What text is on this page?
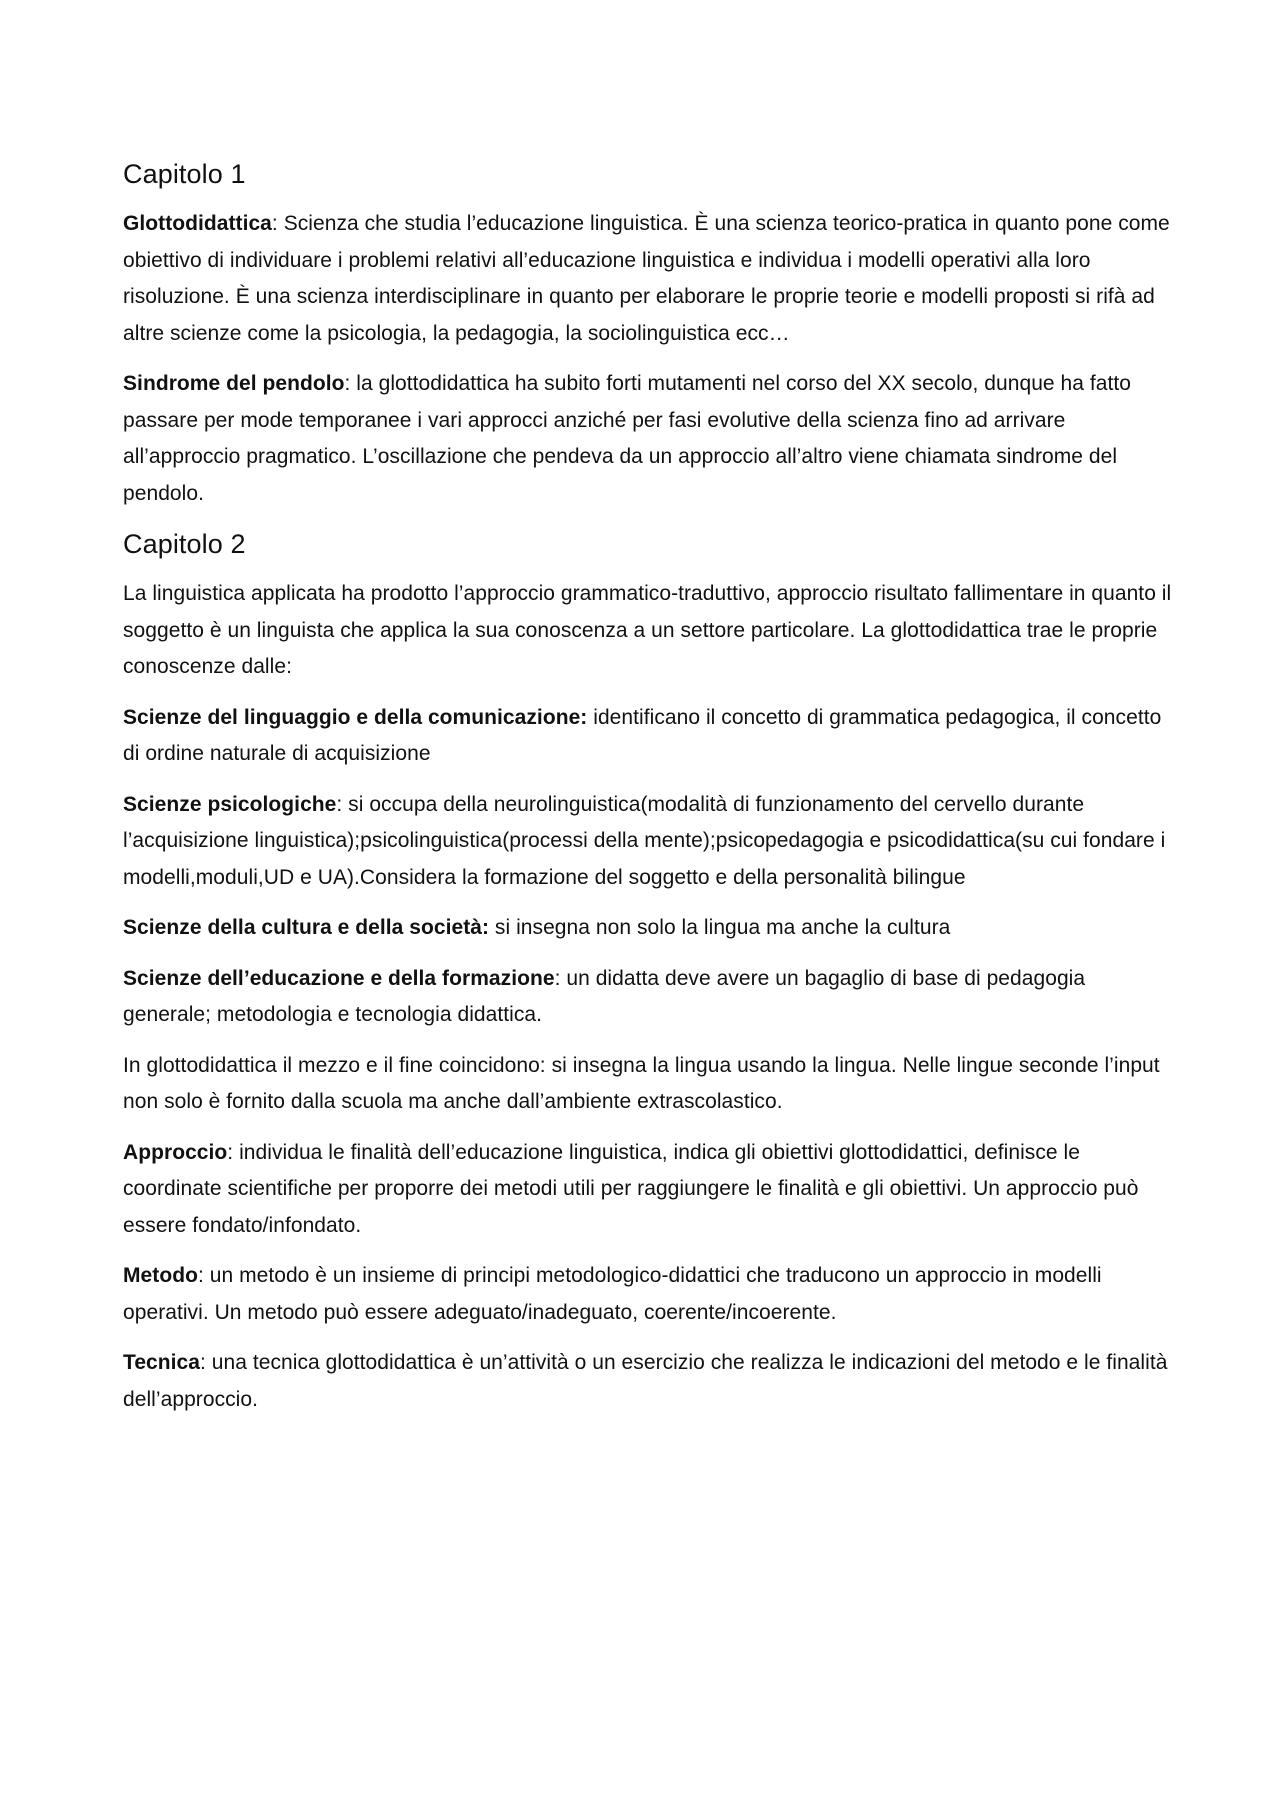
Capitolo 1

Glottodidattica: Scienza che studia l’educazione linguistica. È una scienza teorico-pratica in quanto pone come obiettivo di individuare i problemi relativi all’educazione linguistica e individua i modelli operativi alla loro risoluzione. È una scienza interdisciplinare in quanto per elaborare le proprie teorie e modelli proposti si rifà ad altre scienze come la psicologia, la pedagogia, la sociolinguistica ecc…

Sindrome del pendolo: la glottodidattica ha subito forti mutamenti nel corso del XX secolo, dunque ha fatto passare per mode temporanee i vari approcci anziché per fasi evolutive della scienza fino ad arrivare all’approccio pragmatico. L’oscillazione che pendeva da un approccio all’altro viene chiamata sindrome del pendolo.

Capitolo 2

La linguistica applicata ha prodotto l’approccio grammatico-traduttivo, approccio risultato fallimentare in quanto il soggetto è un linguista che applica la sua conoscenza a un settore particolare. La glottodidattica trae le proprie conoscenze dalle:

Scienze del linguaggio e della comunicazione: identificano il concetto di grammatica pedagogica, il concetto di ordine naturale di acquisizione

Scienze psicologiche: si occupa della neurolinguistica(modalità di funzionamento del cervello durante l’acquisizione linguistica);psicolinguistica(processi della mente);psicopedagogia e psicodidattica(su cui fondare i modelli,moduli,UD e UA).Considera la formazione del soggetto e della personalità bilingue

Scienze della cultura e della società: si insegna non solo la lingua ma anche la cultura

Scienze dell’educazione e della formazione: un didatta deve avere un bagaglio di base di pedagogia generale; metodologia e tecnologia didattica.

In glottodidattica il mezzo e il fine coincidono: si insegna la lingua usando la lingua. Nelle lingue seconde l’input non solo è fornito dalla scuola ma anche dall’ambiente extrascolastico.

Approccio: individua le finalità dell’educazione linguistica, indica gli obiettivi glottodidattici, definisce le coordinate scientifiche per proporre dei metodi utili per raggiungere le finalità e gli obiettivi. Un approccio può essere fondato/infondato.

Metodo: un metodo è un insieme di principi metodologico-didattici che traducono un approccio in modelli operativi. Un metodo può essere adeguato/inadeguato, coerente/incoerente.

Tecnica: una tecnica glottodidattica è un’attività o un esercizio che realizza le indicazioni del metodo e le finalità dell’approccio.
